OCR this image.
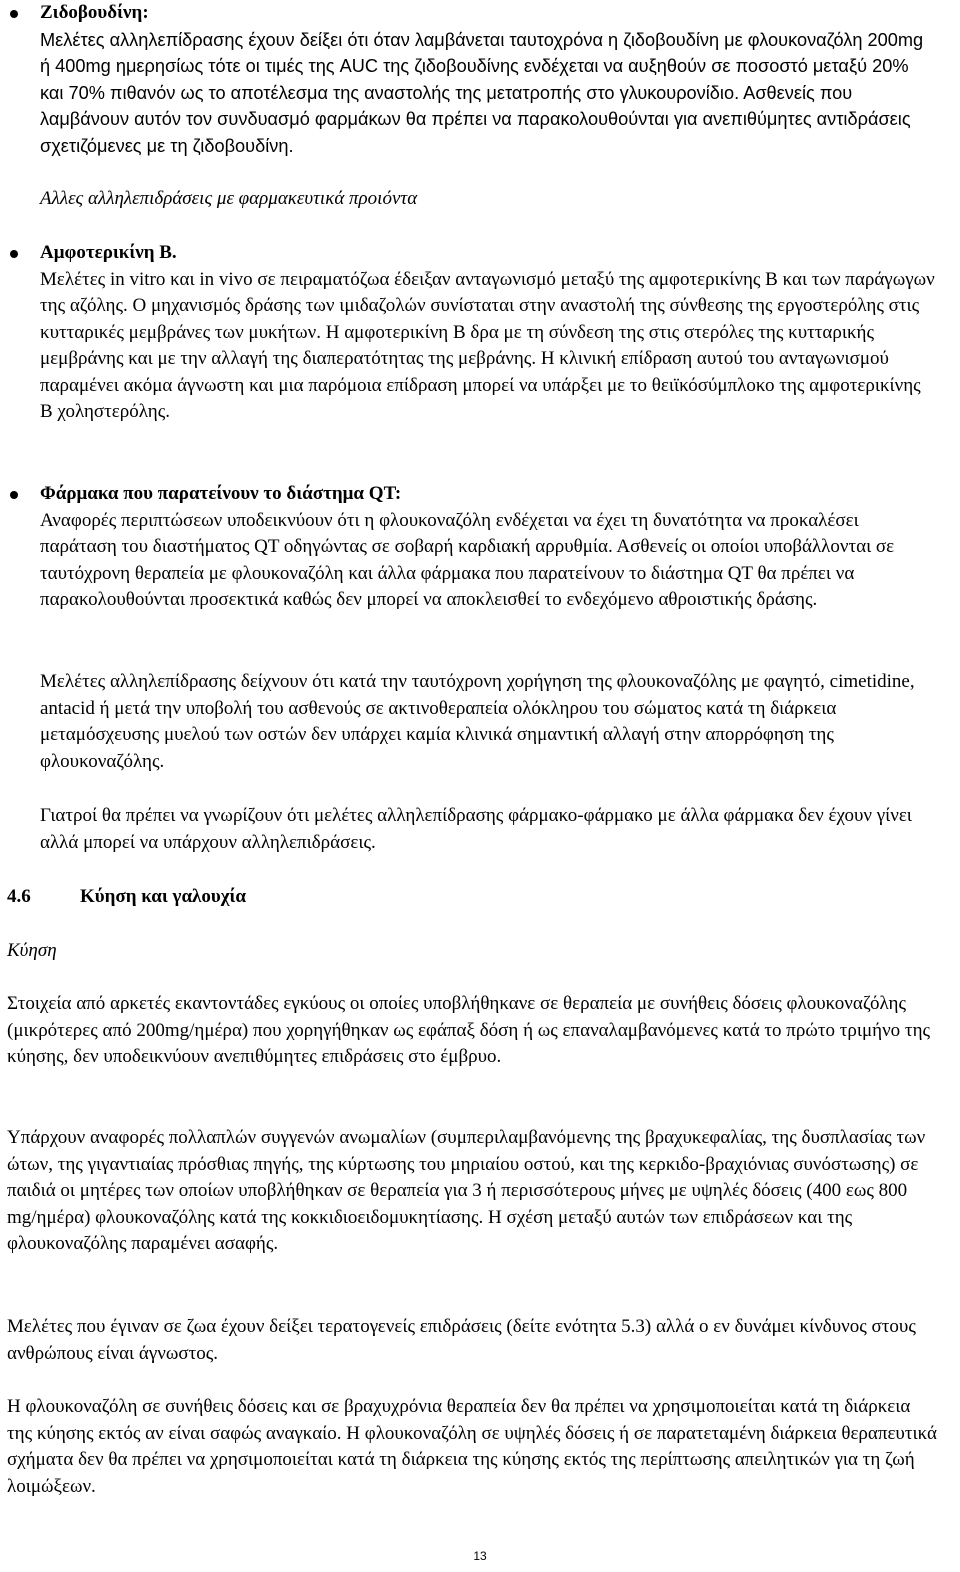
Ζιδοβουδίνη:

Μελέτες αλληλεπίδρασης έχουν δείξει ότι όταν λαμβάνεται ταυτοχρόνα η ζιδοβουδίνη με φλουκοναζόλη 200mg ή 400mg ημερησίως τότε οι τιμές της AUC της ζιδοβουδίνης ενδέχεται να αυξηθούν σε ποσοστό μεταξύ 20% και 70% πιθανόν ως το αποτέλεσμα της αναστολής της μετατροπής στο γλυκουρονίδιο. Ασθενείς που λαμβάνουν αυτόν τον συνδυασμό φαρμάκων θα πρέπει να παρακολουθούνται για ανεπιθύμητες αντιδράσεις σχετιζόμενες με τη ζιδοβουδίνη.

Αλλες αλληλεπιδράσεις με φαρμακευτικά προιόντα

Αμφοτερικίνη Β.

Μελέτες in vitro και in vivo σε πειραματόζωα έδειξαν ανταγωνισμό μεταξύ της αμφοτερικίνης Β και των παράγωγων της αζόλης. Ο μηχανισμός δράσης των ιμιδαζολών συνίσταται στην αναστολή της σύνθεσης της εργοστερόλης στις κυτταρικές μεμβράνες των μυκήτων. Η αμφοτερικίνη Β δρα με τη σύνδεση της στις στερόλες της κυτταρικής μεμβράνης και με την αλλαγή της διαπερατότητας της μεβράνης. Η κλινική επίδραση αυτού του ανταγωνισμού παραμένει ακόμα άγνωστη και μια παρόμοια επίδραση μπορεί να υπάρξει με το θειϊκόσύμπλοκο της αμφοτερικίνης Β χοληστερόλης.

Φάρμακα που παρατείνουν το διάστημα QT:

Αναφορές περιπτώσεων υποδεικνύουν ότι η φλουκοναζόλη ενδέχεται να έχει τη δυνατότητα να προκαλέσει παράταση του διαστήματος QT οδηγώντας σε σοβαρή καρδιακή αρρυθμία. Ασθενείς οι οποίοι υποβάλλονται σε ταυτόχρονη θεραπεία με φλουκοναζόλη και άλλα φάρμακα που παρατείνουν το διάστημα QT θα πρέπει να παρακολουθούνται προσεκτικά καθώς δεν μπορεί να αποκλεισθεί το ενδεχόμενο αθροιστικής δράσης.

Μελέτες αλληλεπίδρασης δείχνουν ότι κατά την ταυτόχρονη χορήγηση της φλουκοναζόλης με φαγητό, cimetidine, antacid ή μετά την υποβολή του ασθενούς σε ακτινοθεραπεία ολόκληρου του σώματος κατά τη διάρκεια μεταμόσχευσης μυελού των οστών δεν υπάρχει καμία κλινικά σημαντική αλλαγή στην απορρόφηση της φλουκοναζόλης.

Γιατροί θα πρέπει να γνωρίζουν ότι μελέτες αλληλεπίδρασης φάρμακο-φάρμακο με άλλα φάρμακα δεν έχουν γίνει αλλά μπορεί να υπάρχουν αλληλεπιδράσεις.

4.6	Κύηση και γαλουχία

Κύηση

Στοιχεία από αρκετές εκαντοντάδες εγκύους οι οποίες υποβλήθηκανε σε θεραπεία με συνήθεις δόσεις φλουκοναζόλης (μικρότερες από 200mg/ημέρα) που χορηγήθηκαν ως εφάπαξ δόση ή ως επαναλαμβανόμενες κατά το πρώτο τριμήνο της κύησης, δεν υποδεικνύουν ανεπιθύμητες επιδράσεις στο έμβρυο.

Υπάρχουν αναφορές πολλαπλών συγγενών ανωμαλίων (συμπεριλαμβανόμενης της βραχυκεφαλίας, της δυσπλασίας των ώτων, της γιγαντιαίας πρόσθιας πηγής, της κύρτωσης του μηριαίου οστού, και της κερκιδο-βραχιόνιας συνόστωσης) σε παιδιά οι μητέρες των οποίων υποβλήθηκαν σε θεραπεία για 3 ή περισσότερους μήνες με υψηλές δόσεις (400 εως 800 mg/ημέρα) φλουκοναζόλης κατά της κοκκιδιοειδομυκητίασης. Η σχέση μεταξύ αυτών των επιδράσεων και της φλουκοναζόλης παραμένει ασαφής.

Μελέτες που έγιναν σε ζωα έχουν δείξει τερατογενείς επιδράσεις (δείτε ενότητα 5.3) αλλά ο εν δυνάμει κίνδυνος στους ανθρώπους είναι άγνωστος.

Η φλουκοναζόλη σε συνήθεις δόσεις και σε βραχυχρόνια θεραπεία δεν θα πρέπει να χρησιμοποιείται κατά τη διάρκεια της κύησης εκτός αν είναι σαφώς αναγκαίο. Η φλουκοναζόλη σε υψηλές δόσεις ή σε παρατεταμένη διάρκεια θεραπευτικά σχήματα δεν θα πρέπει να χρησιμοποιείται κατά τη διάρκεια της κύησης εκτός της περίπτωσης απειλητικών για τη ζωή λοιμώξεων.

13
